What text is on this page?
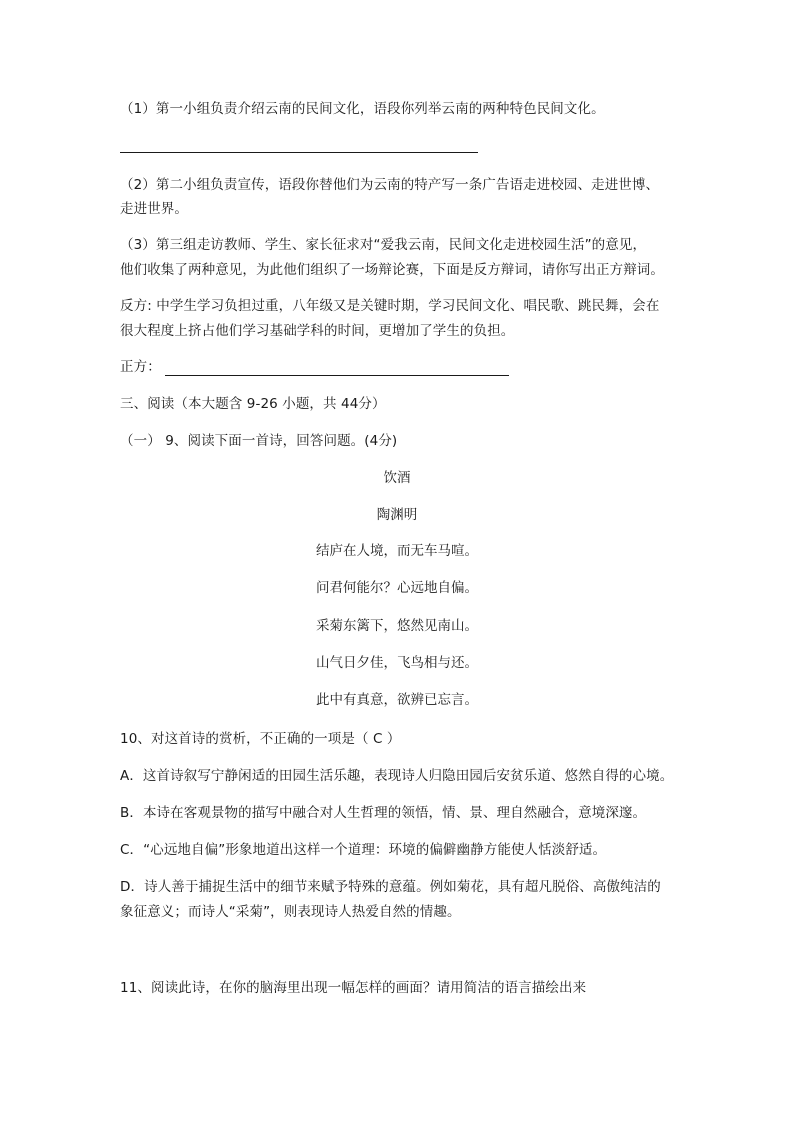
（1）第一小组负责介绍云南的民间文化，语段你列举云南的两种特色民间文化。
（2）第二小组负责宣传，语段你替他们为云南的特产写一条广告语走进校园、走进世博、
走进世界。
（3）第三组走访教师、学生、家长征求对“爱我云南，民间文化走进校园生活”的意见，
他们收集了两种意见，为此他们组织了一场辩论赛，下面是反方辩词，请你写出正方辩词。
反方: 中学生学习负担过重，八年级又是关键时期，学习民间文化、唱民歌、跳民舞，会在
很大程度上挤占他们学习基础学科的时间，更增加了学生的负担。
正方：
三、阅读（本大题含 9-26 小题，共 44分）
（一） 9、阅读下面一首诗，回答问题。(4分)
饮酒
陶渊明
结庐在人境，而无车马喧。
问君何能尔？心远地自偏。
采菊东篱下，悠然见南山。
山气日夕佳，飞鸟相与还。
此中有真意，欲辨已忘言。
10、对这首诗的赏析，不正确的一项是（ C ）
A．这首诗叙写宁静闲适的田园生活乐趣，表现诗人归隐田园后安贫乐道、悠然自得的心境。
B．本诗在客观景物的描写中融合对人生哲理的领悟，情、景、理自然融合，意境深邃。
C．“心远地自偏”形象地道出这样一个道理：环境的偏僻幽静方能使人恬淡舒适。
D．诗人善于捕捉生活中的细节来赋予特殊的意蕴。例如菊花，具有超凡脱俗、高傲纯洁的
象征意义；而诗人“采菊”，则表现诗人热爱自然的情趣。
11、阅读此诗，在你的脑海里出现一幅怎样的画面？请用简洁的语言描绘出来
